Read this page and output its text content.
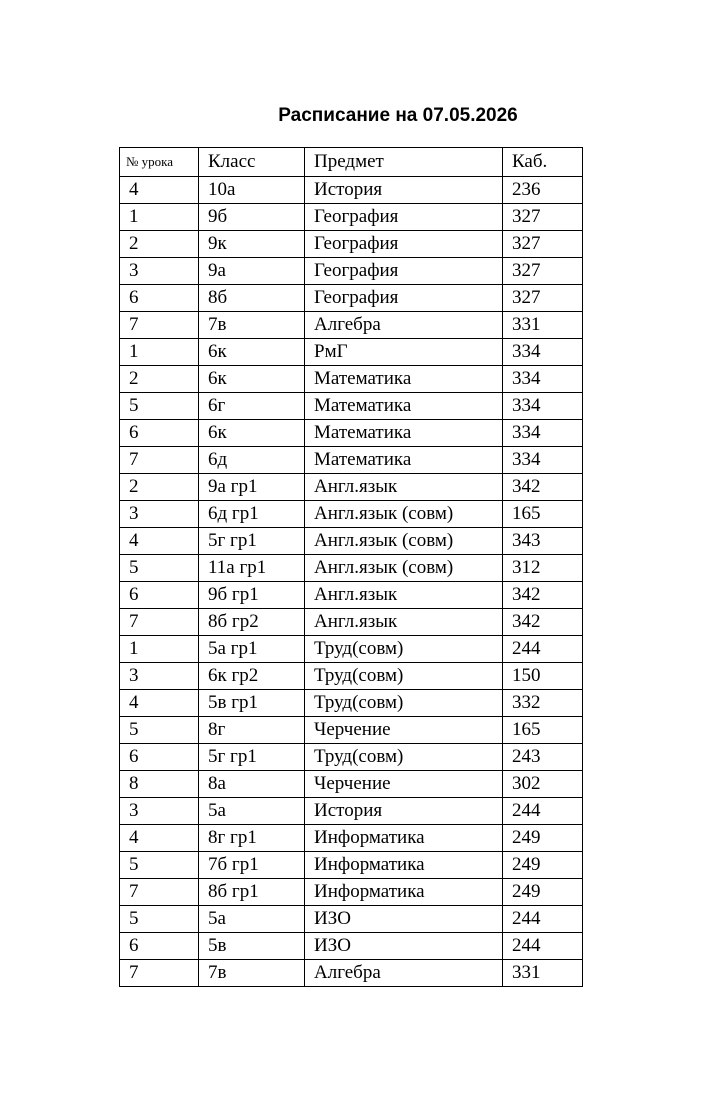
Расписание на 07.05.2026
№ урока	Класс	Предмет	Каб.
4	10а	История	236
1	9б	География	327
2	9к	География	327
3	9а	География	327
6	8б	География	327
7	7в	Алгебра	331
1	6к	РмГ	334
2	6к	Математика	334
5	6г	Математика	334
6	6к	Математика	334
7	6д	Математика	334
2	9а гр1	Англ.язык	342
3	6д гр1	Англ.язык (совм)	165
4	5г гр1	Англ.язык (совм)	343
5	11а гр1	Англ.язык (совм)	312
6	9б гр1	Англ.язык	342
7	8б гр2	Англ.язык	342
1	5а гр1	Труд(совм)	244
3	6к гр2	Труд(совм)	150
4	5в гр1	Труд(совм)	332
5	8г	Черчение	165
6	5г гр1	Труд(совм)	243
8	8а	Черчение	302
3	5а	История	244
4	8г гр1	Информатика	249
5	7б гр1	Информатика	249
7	8б гр1	Информатика	249
5	5а	ИЗО	244
6	5в	ИЗО	244
7	7в	Алгебра	331
